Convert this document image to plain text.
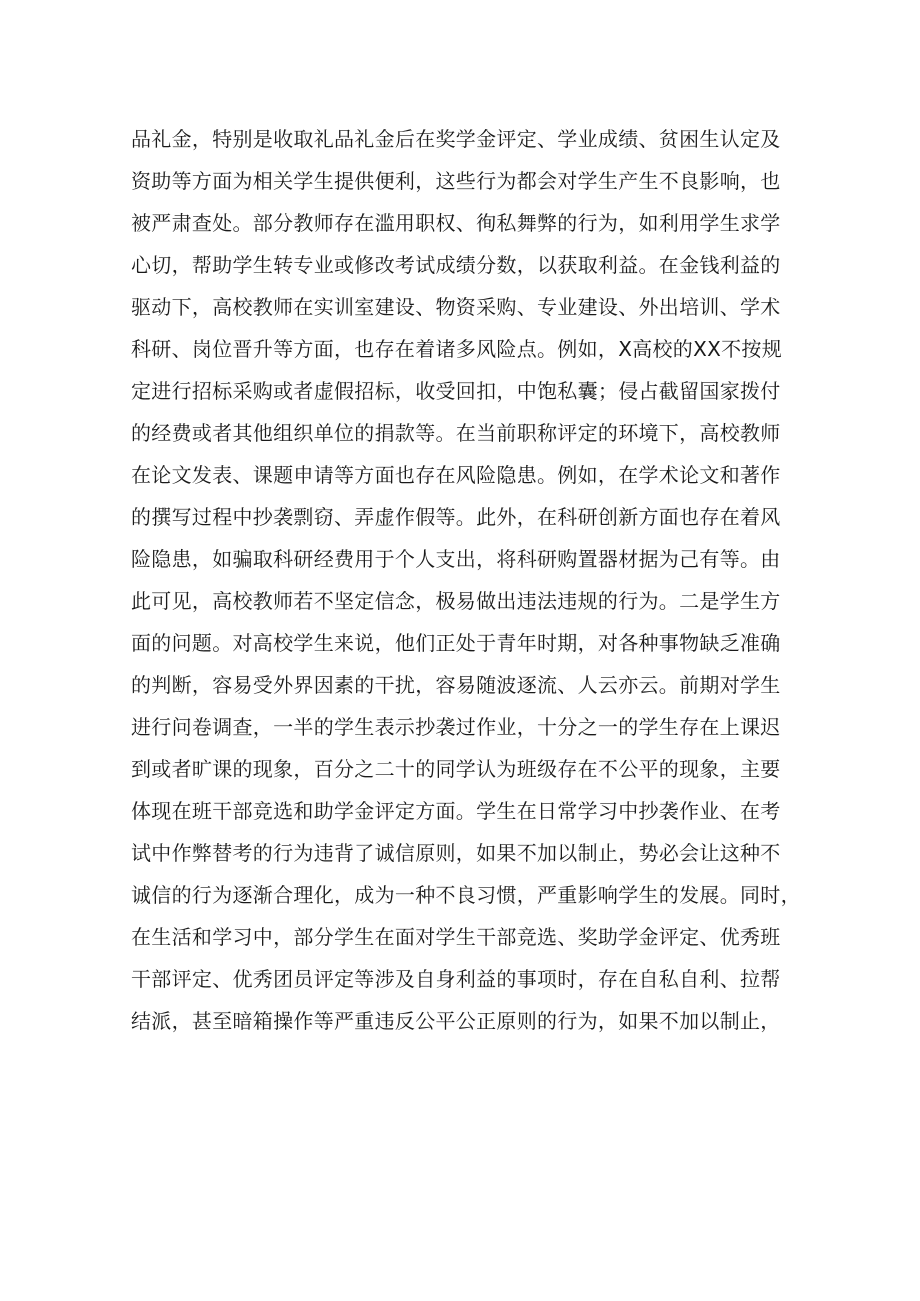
品礼金，特别是收取礼品礼金后在奖学金评定、学业成绩、贫困生认定及
资助等方面为相关学生提供便利，这些行为都会对学生产生不良影响，也
被严肃查处。部分教师存在滥用职权、徇私舞弊的行为，如利用学生求学
心切，帮助学生转专业或修改考试成绩分数，以获取利益。在金钱利益的
驱动下，高校教师在实训室建设、物资采购、专业建设、外出培训、学术
科研、岗位晋升等方面，也存在着诸多风险点。例如，X高校的XX不按规
定进行招标采购或者虚假招标，收受回扣，中饱私囊；侵占截留国家拨付
的经费或者其他组织单位的捐款等。在当前职称评定的环境下，高校教师
在论文发表、课题申请等方面也存在风险隐患。例如，在学术论文和著作
的撰写过程中抄袭剽窃、弄虚作假等。此外，在科研创新方面也存在着风
险隐患，如骗取科研经费用于个人支出，将科研购置器材据为己有等。由
此可见，高校教师若不坚定信念，极易做出违法违规的行为。二是学生方
面的问题。对高校学生来说，他们正处于青年时期，对各种事物缺乏准确
的判断，容易受外界因素的干扰，容易随波逐流、人云亦云。前期对学生
进行问卷调查，一半的学生表示抄袭过作业，十分之一的学生存在上课迟
到或者旷课的现象，百分之二十的同学认为班级存在不公平的现象，主要
体现在班干部竞选和助学金评定方面。学生在日常学习中抄袭作业、在考
试中作弊替考的行为违背了诚信原则，如果不加以制止，势必会让这种不
诚信的行为逐渐合理化，成为一种不良习惯，严重影响学生的发展。同时，
在生活和学习中，部分学生在面对学生干部竞选、奖助学金评定、优秀班
干部评定、优秀团员评定等涉及自身利益的事项时，存在自私自利、拉帮
结派，甚至暗箱操作等严重违反公平公正原则的行为，如果不加以制止，
